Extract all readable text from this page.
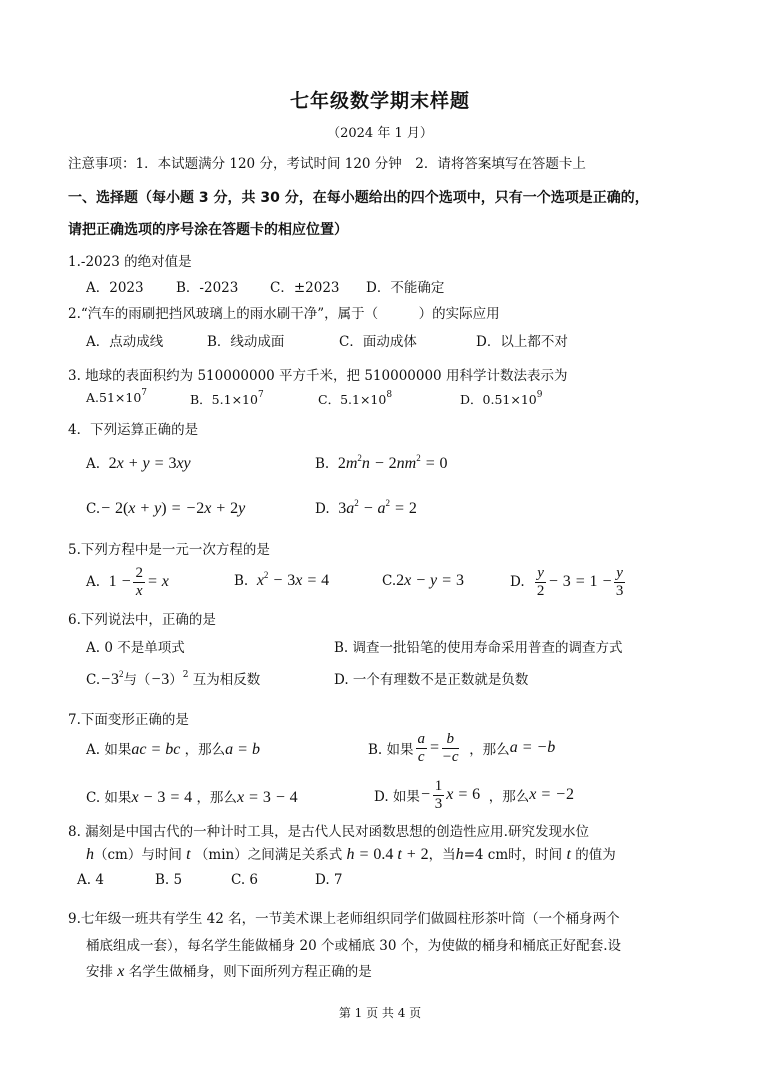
七年级数学期末样题
（2024 年 1 月）
注意事项：1．本试题满分 120 分，考试时间 120 分钟　2．请将答案填写在答题卡上
一、选择题（每小题 3 分，共 30 分，在每小题给出的四个选项中，只有一个选项是正确的，
请把正确选项的序号涂在答题卡的相应位置）
1.-2023 的绝对值是
A．2023 B．-2023 C．±2023 D．不能确定
2.“汽车的雨刷把挡风玻璃上的雨水刷干净”，属于（　　　）的实际应用
A．点动成线	B．线动成面	C．面动成体	D．以上都不对
3. 地球的表面积约为 510000000 平方千米，把 510000000 用科学计数法表示为
$A.51\times 10^7$	B．$5.1\times 10^7$	C．$5.1\times 10^8$	D．$0.51\times 10^9$
4．下列运算正确的是
A. 2x + y = 3xy	B. $2m^2n - 2nm^2 = 0$
C.− 2(x + y) = −2x + 2y	D. $3a^2 - a^2 = 2$
5.下列方程中是一元一次方程的是
A.
$1 - \frac{2}{x} = x$	B. $x^2 - 3x = 4$	C.2x − y = 3	D.
$\frac{y}{2} - 3 = 1 - \frac{y}{3}$
6.下列说法中，正确的是
A. 0 不是单项式	B. 调查一批铅笔的使用寿命采用普查的调查方式
$C.-3^2$与$(-3)^2$ 互为相反数	D. 一个有理数不是正数就是负数
7.下面变形正确的是
A. 如果ac = bc ，那么a = b	B. 如果 $\frac{a}{c} = \frac{b}{-c}$
，那么 a = −b
C. 如果x − 3 = 4 ，那么x = 3 − 4	D. 如果 − $\frac{1}{3}$ x = 6
，那么 x = −2
8. 漏刻是中国古代的一种计时工具，是古代人民对函数思想的创造性应用.研究发现水位
h（cm）与时间 t （min）之间满足关系式 h = 0.4 t + 2，当h=4 cm时，时间 t 的值为
A. 4	B. 5	C. 6	D. 7
9.七年级一班共有学生 42 名，一节美术课上老师组织同学们做圆柱形茶叶筒（一个桶身两个
桶底组成一套），每名学生能做桶身 20 个或桶底 30 个，为使做的桶身和桶底正好配套.设
安排 x 名学生做桶身，则下面所列方程正确的是
第 1 页 共 4 页
